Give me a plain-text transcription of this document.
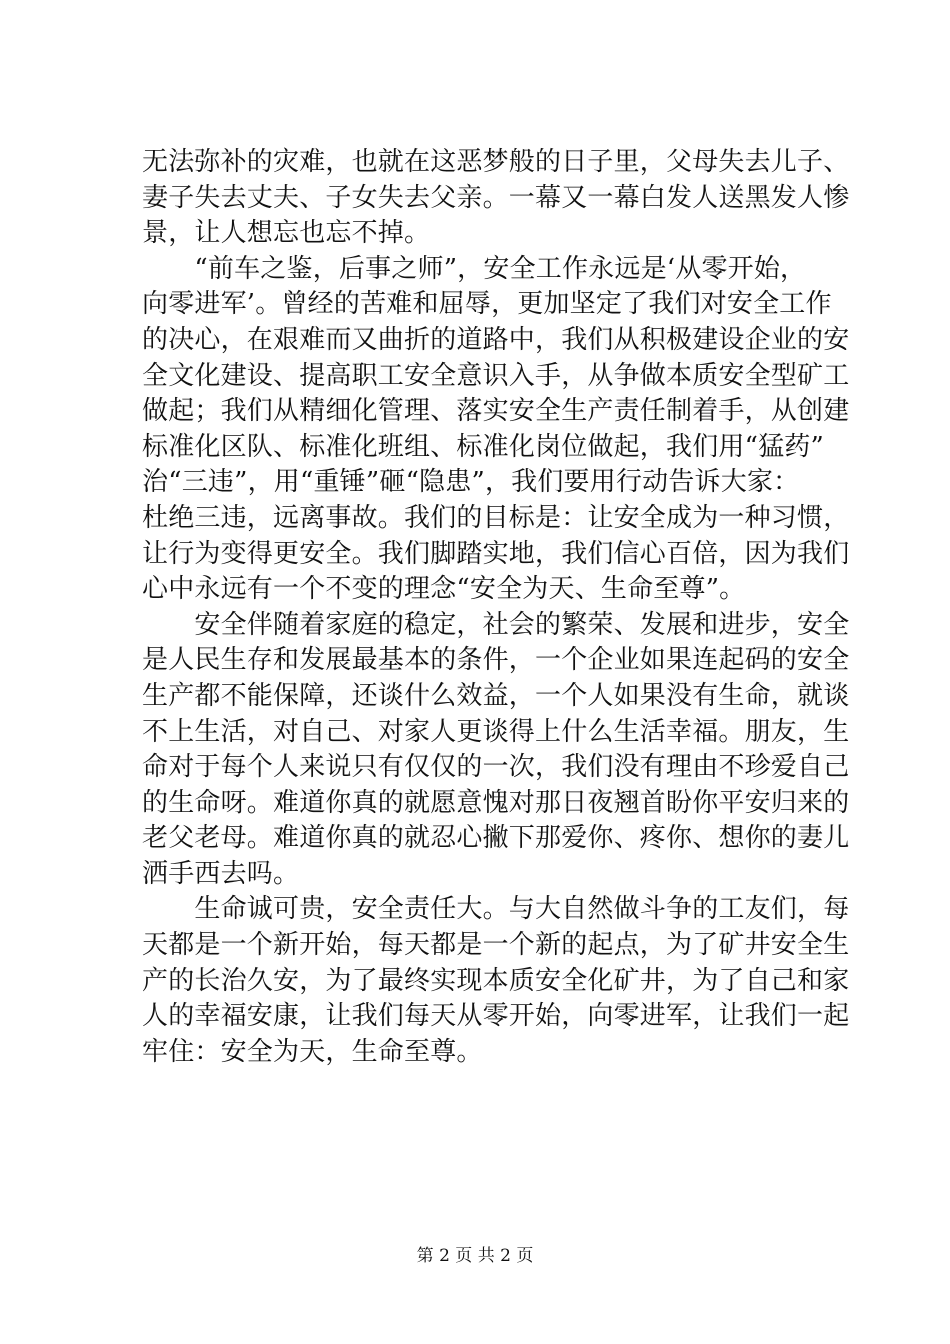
无法弥补的灾难，也就在这恶梦般的日子里，父母失去儿子、
妻子失去丈夫、子女失去父亲。一幕又一幕白发人送黑发人惨
景，让人想忘也忘不掉。
　　“前车之鉴，后事之师”，安全工作永远是‘从零开始，
向零进军’。曾经的苦难和屈辱，更加坚定了我们对安全工作
的决心，在艰难而又曲折的道路中，我们从积极建设企业的安
全文化建设、提高职工安全意识入手，从争做本质安全型矿工
做起；我们从精细化管理、落实安全生产责任制着手，从创建
标准化区队、标准化班组、标准化岗位做起，我们用“猛药”
治“三违”，用“重锤”砸“隐患”，我们要用行动告诉大家：
杜绝三违，远离事故。我们的目标是：让安全成为一种习惯，
让行为变得更安全。我们脚踏实地，我们信心百倍，因为我们
心中永远有一个不变的理念“安全为天、生命至尊”。
　　安全伴随着家庭的稳定，社会的繁荣、发展和进步，安全
是人民生存和发展最基本的条件，一个企业如果连起码的安全
生产都不能保障，还谈什么效益，一个人如果没有生命，就谈
不上生活，对自己、对家人更谈得上什么生活幸福。朋友，生
命对于每个人来说只有仅仅的一次，我们没有理由不珍爱自己
的生命呀。难道你真的就愿意愧对那日夜翘首盼你平安归来的
老父老母。难道你真的就忍心撇下那爱你、疼你、想你的妻儿
洒手西去吗。
　　生命诚可贵，安全责任大。与大自然做斗争的工友们，每
天都是一个新开始，每天都是一个新的起点，为了矿井安全生
产的长治久安，为了最终实现本质安全化矿井，为了自己和家
人的幸福安康，让我们每天从零开始，向零进军，让我们一起
牢住：安全为天，生命至尊。
第 2 页 共 2 页
